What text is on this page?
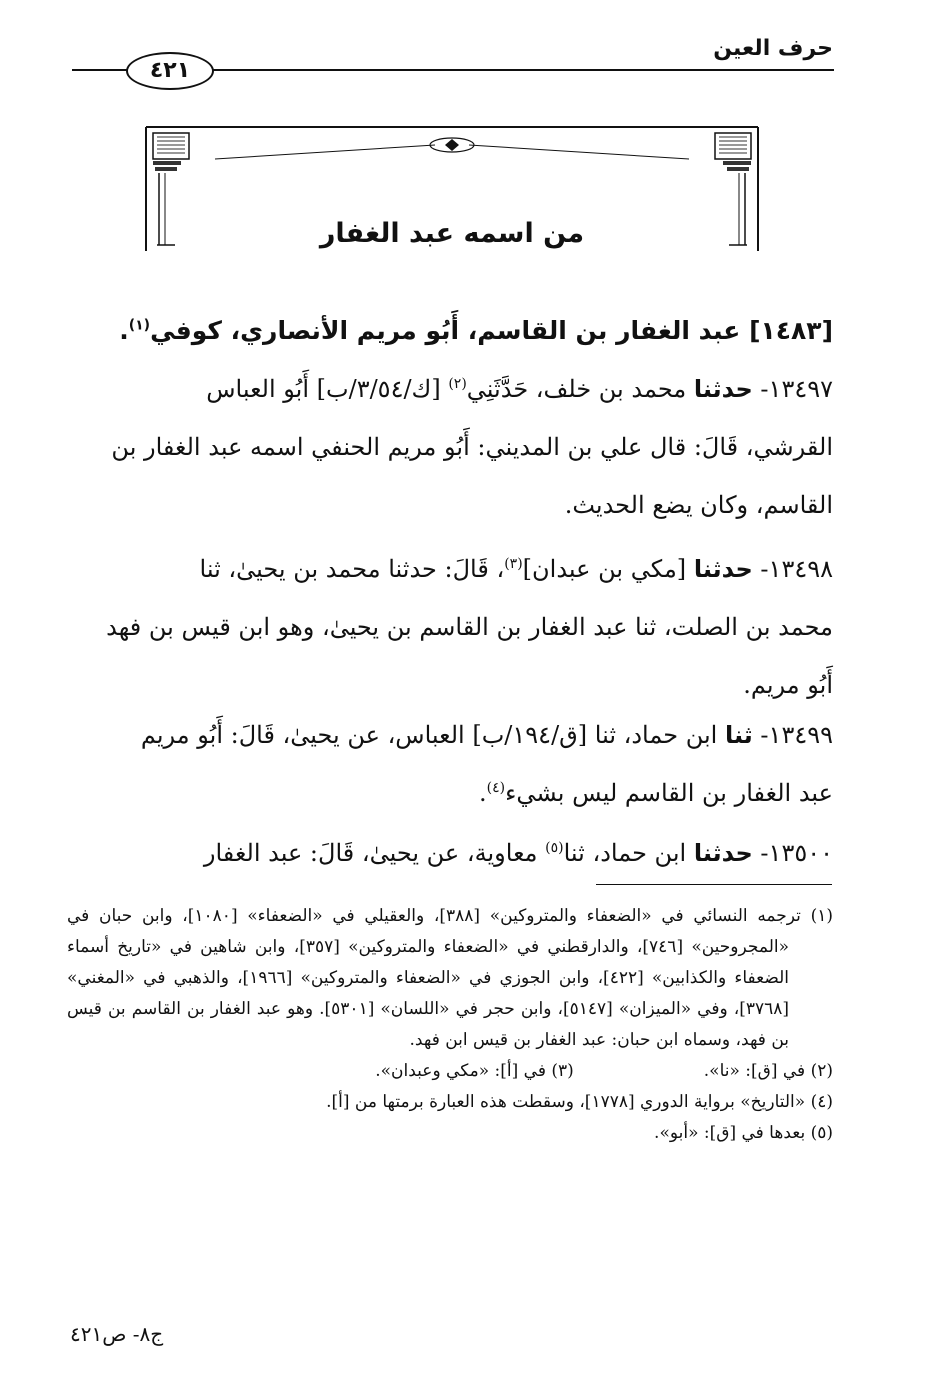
حرف العين
٤٢١
من اسمه عبد الغفار
[١٤٨٣] عبد الغفار بن القاسم، أَبُو مريم الأنصاري، كوفي$^{(١)}$.
١٣٤٩٧- حدثنا محمد بن خلف، حَدَّثَنِي$^{(٢)}$ [ك/٣/٥٤/ب] أَبُو العباس
القرشي، قَالَ: قال علي بن المديني: أَبُو مريم الحنفي اسمه عبد الغفار بن
القاسم، وكان يضع الحديث.
١٣٤٩٨- حدثنا [مكي بن عبدان]$^{(٣)}$، قَالَ: حدثنا محمد بن يحيىٰ، ثنا
محمد بن الصلت، ثنا عبد الغفار بن القاسم بن يحيىٰ، وهو ابن قيس بن فهد
أَبُو مريم.
١٣٤٩٩- ثنا ابن حماد، ثنا [ق/١٩٤/ب] العباس، عن يحيىٰ، قَالَ: أَبُو مريم
عبد الغفار بن القاسم ليس بشيء$^{(٤)}$.
١٣٥٠٠- حدثنا ابن حماد، ثنا$^{(٥)}$ معاوية، عن يحيىٰ، قَالَ: عبد الغفار

(١) ترجمه النسائي في «الضعفاء والمتروكين» [٣٨٨]، والعقيلي في «الضعفاء» [١٠٨٠]، وابن حبان في «المجروحين» [٧٤٦]، والدارقطني في «الضعفاء والمتروكين» [٣٥٧]، وابن شاهين في «تاريخ أسماء الضعفاء والكذابين» [٤٢٢]، وابن الجوزي في «الضعفاء والمتروكين» [١٩٦٦]، والذهبي في «المغني» [٣٧٦٨]، وفي «الميزان» [٥١٤٧]، وابن حجر في «اللسان» [٥٣٠١]. وهو عبد الغفار بن القاسم بن قيس بن فهد، وسماه ابن حبان: عبد الغفار بن قيس ابن فهد.

(٢) في [ق]: «نا».
(٣) في [أ]: «مكي وعبدان».

(٤) «التاريخ» برواية الدوري [١٧٧٨]، وسقطت هذه العبارة برمتها من [أ].

(٥) بعدها في [ق]: «أبو».

ج٨- ص٤٢١
